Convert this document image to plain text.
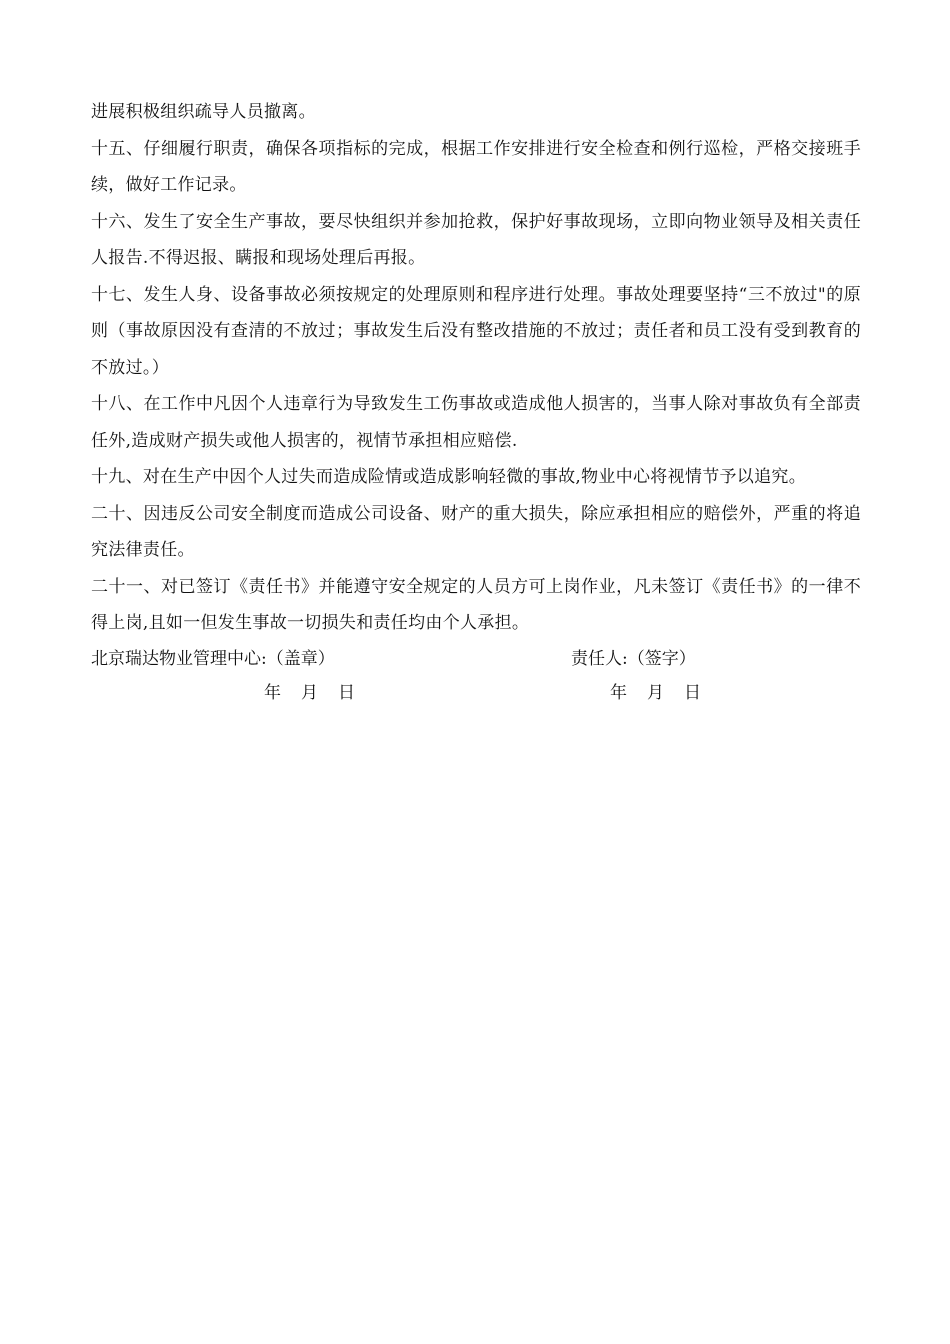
进展积极组织疏导人员撤离。

十五、仔细履行职责，确保各项指标的完成，根据工作安排进行安全检查和例行巡检，严格交接班手续，做好工作记录。

十六、发生了安全生产事故，要尽快组织并参加抢救，保护好事故现场，立即向物业领导及相关责任人报告.不得迟报、瞒报和现场处理后再报。

十七、发生人身、设备事故必须按规定的处理原则和程序进行处理。事故处理要坚持“三不放过"的原则（事故原因没有查清的不放过；事故发生后没有整改措施的不放过；责任者和员工没有受到教育的不放过。）

十八、在工作中凡因个人违章行为导致发生工伤事故或造成他人损害的，当事人除对事故负有全部责任外,造成财产损失或他人损害的，视情节承担相应赔偿.

十九、对在生产中因个人过失而造成险情或造成影响轻微的事故,物业中心将视情节予以追究。

二十、因违反公司安全制度而造成公司设备、财产的重大损失，除应承担相应的赔偿外，严重的将追究法律责任。

二十一、对已签订《责任书》并能遵守安全规定的人员方可上岗作业，凡未签订《责任书》的一律不得上岗,且如一但发生事故一切损失和责任均由个人承担。

北京瑞达物业管理中心:（盖章）	责任人:（签字）
年 月 日	年 月 日
